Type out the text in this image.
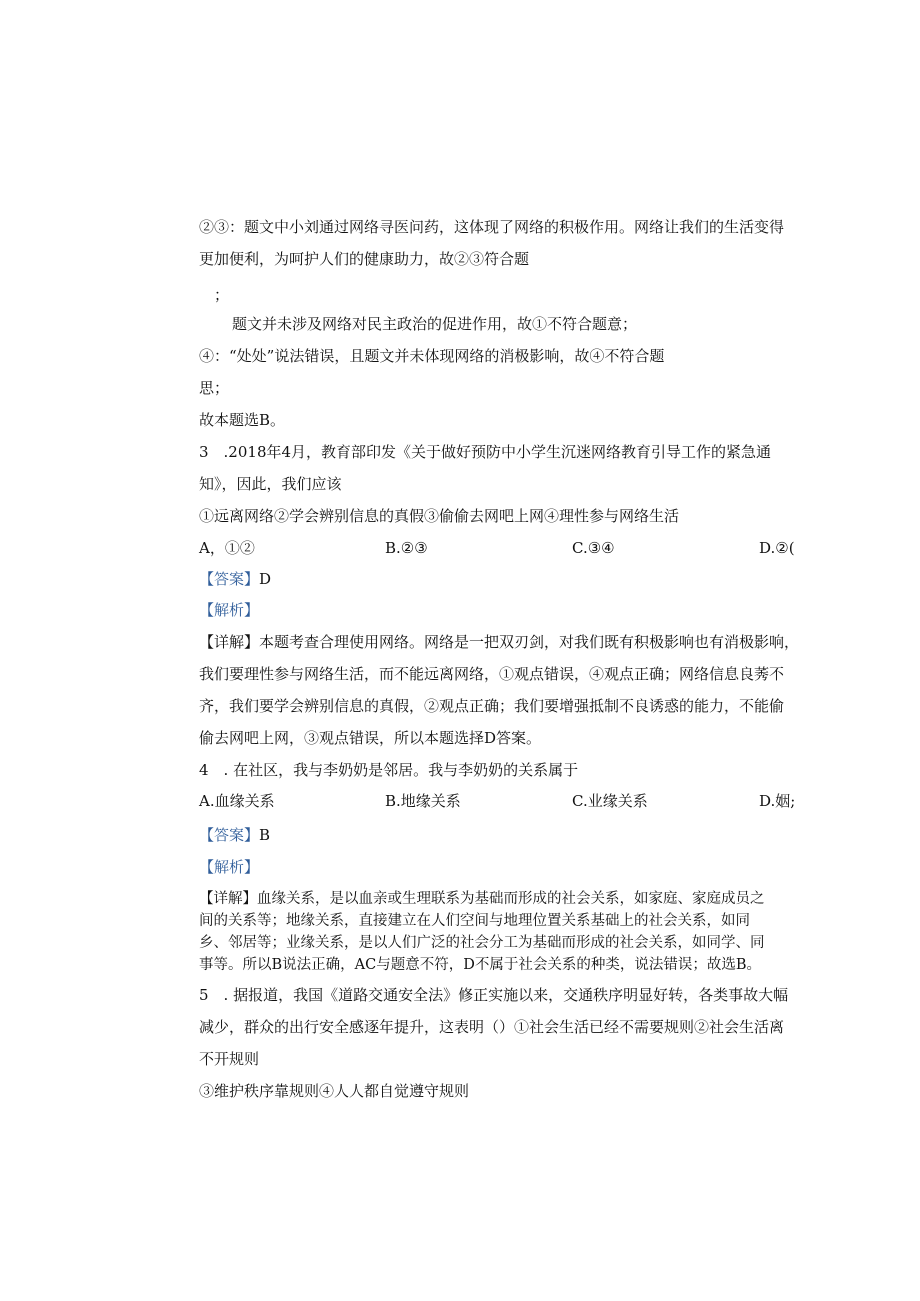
②③：题文中小刘通过网络寻医问药，这体现了网络的积极作用。网络让我们的生活变得
更加便利，为呵护人们的健康助力，故②③符合题
；
题文并未涉及网络对民主政治的促进作用，故①不符合题意；
④：“处处”说法错误，且题文并未体现网络的消极影响，故④不符合题
思；
故本题选B。
3　.2018年4月，教育部印发《关于做好预防中小学生沉迷网络教育引导工作的紧急通
知》，因此，我们应该
①远离网络②学会辨别信息的真假③偷偷去网吧上网④理性参与网络生活
A，①②	B.②③	C.③④	D.②(
【答案】D
【解析】
【详解】本题考查合理使用网络。网络是一把双刃剑，对我们既有积极影响也有消极影响，
我们要理性参与网络生活，而不能远离网络，①观点错误，④观点正确；网络信息良莠不
齐，我们要学会辨别信息的真假，②观点正确；我们要增强抵制不良诱惑的能力，不能偷
偷去网吧上网，③观点错误，所以本题选择D答案。
4　. 在社区，我与李奶奶是邻居。我与李奶奶的关系属于
A.血缘关系	B.地缘关系	C.业缘关系	D.姻;
【答案】B
【解析】
【详解】血缘关系，是以血亲或生理联系为基础而形成的社会关系，如家庭、家庭成员之
间的关系等；地缘关系，直接建立在人们空间与地理位置关系基础上的社会关系，如同
乡、邻居等；业缘关系，是以人们广泛的社会分工为基础而形成的社会关系，如同学、同
事等。所以B说法正确，AC与题意不符，D不属于社会关系的种类，说法错误；故选B。
5　. 据报道，我国《道路交通安全法》修正实施以来，交通秩序明显好转，各类事故大幅
减少，群众的出行安全感逐年提升，这表明（）①社会生活已经不需要规则②社会生活离
不开规则
③维护秩序靠规则④人人都自觉遵守规则
